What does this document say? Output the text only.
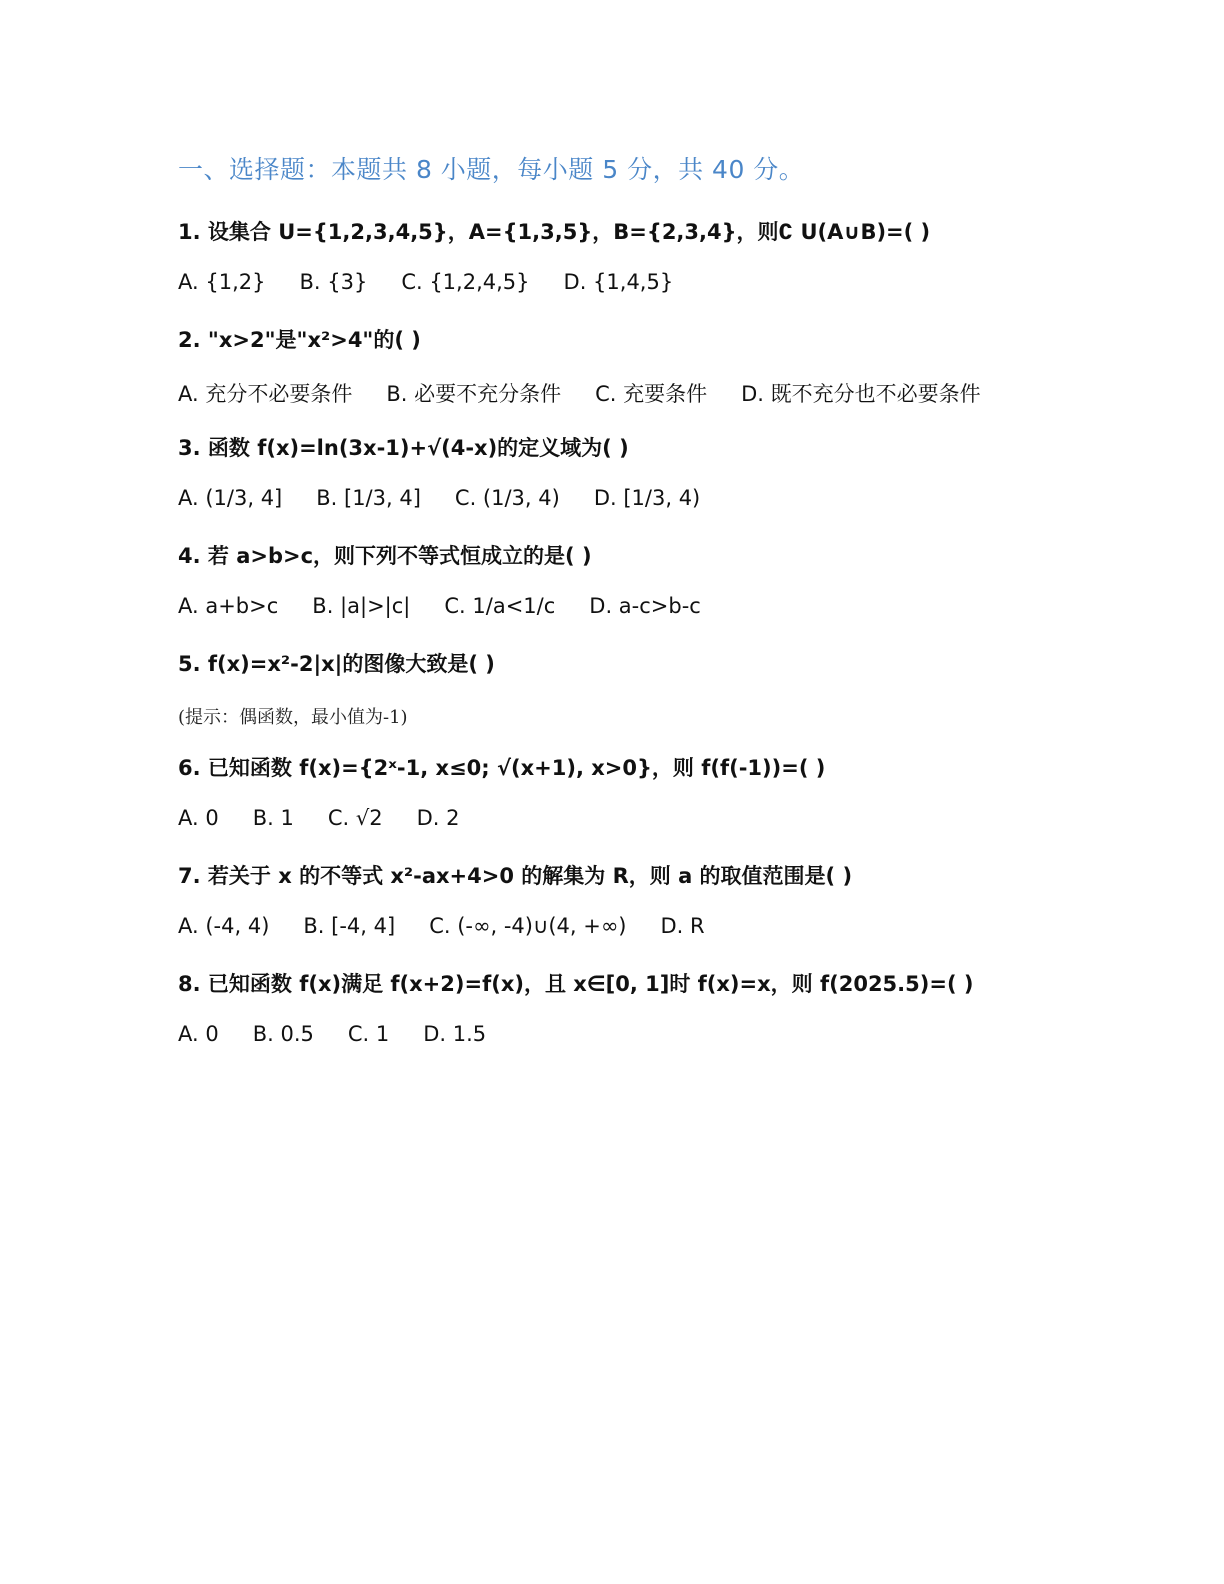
一、选择题：本题共 8 小题，每小题 5 分，共 40 分。
1. 设集合 U={1,2,3,4,5}，A={1,3,5}，B={2,3,4}，则∁ U(A∪B)=( )
A. {1,2} B. {3} C. {1,2,4,5} D. {1,4,5}
2. "x>2"是"x²>4"的( )
A. 充分不必要条件 B. 必要不充分条件 C. 充要条件 D. 既不充分也不必要条件
3. 函数 f(x)=ln(3x-1)+√(4-x)的定义域为( )
A. (1/3, 4] B. [1/3, 4] C. (1/3, 4) D. [1/3, 4)
4. 若 a>b>c，则下列不等式恒成立的是( )
A. a+b>c B. |a|>|c| C. 1/a<1/c D. a-c>b-c
5. f(x)=x²-2|x|的图像大致是( )
(提示：偶函数，最小值为-1)
6. 已知函数 f(x)={2ˣ-1, x≤0; √(x+1), x>0}，则 f(f(-1))=( )
A. 0 B. 1 C. √2 D. 2
7. 若关于 x 的不等式 x²-ax+4>0 的解集为 R，则 a 的取值范围是( )
A. (-4, 4) B. [-4, 4] C. (-∞, -4)∪(4, +∞) D. R
8. 已知函数 f(x)满足 f(x+2)=f(x)，且 x∈[0, 1]时 f(x)=x，则 f(2025.5)=( )
A. 0 B. 0.5 C. 1 D. 1.5
